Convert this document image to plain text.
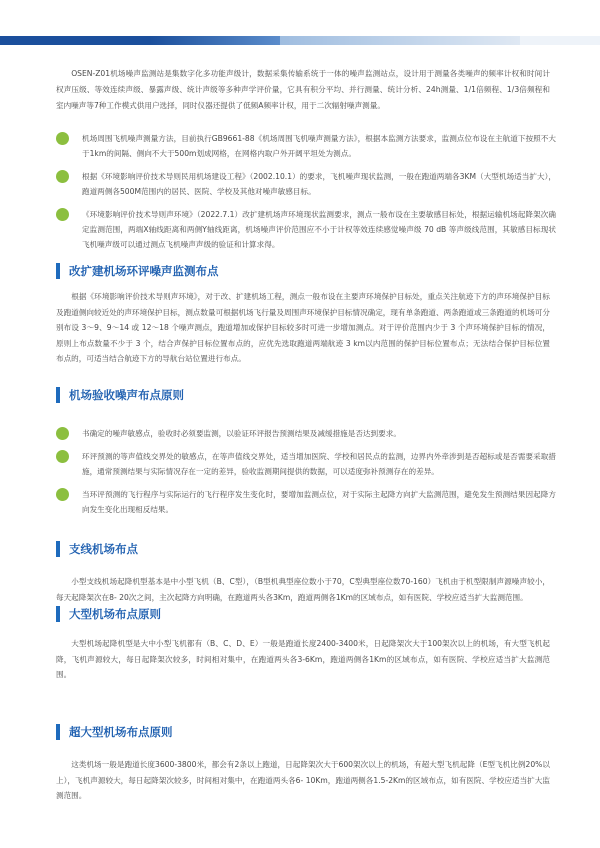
OSEN-Z01机场噪声监测站是集数字化多功能声级计，数据采集传输系统于一体的噪声监测站点，设计用于测量各类噪声的频率计权和时间计权声压级、等效连续声级、暴露声级、统计声级等多种声学评价量，它具有积分平均、并行测量、统计分析、24h测量、1/1倍频程、1/3倍频程和室内噪声等7种工作模式供用户选择，同时仪器还提供了低频A频率计权，用于二次辐射噪声测量。

机场周围飞机噪声测量方法，目前执行GB9661-88《机场周围飞机噪声测量方法》，根据本监测方法要求，监测点位布设在主航道下按照不大于1km的间隔、侧向不大于500m划成网格，在网格内取户外开阔平坦处为测点。

根据《环境影响评价技术导则民用机场建设工程》（2002.10.1）的要求，飞机噪声现状监测，一般在跑道两端各3KM（大型机场适当扩大），跑道两侧各500M范围内的居民、医院、学校及其他对噪声敏感目标。

《环境影响评价技术导则声环境》（2022.7.1）改扩建机场声环境现状监测要求，测点一般布设在主要敏感目标处，根据运输机场起降架次确定监测范围，两端X轴线距离和两侧Y轴线距离，机场噪声评价范围应不小于计权等效连续感觉噪声级 70 dB 等声级线范围，其敏感目标现状飞机噪声级可以通过测点飞机噪声声级的验证和计算求得。

改扩建机场环评噪声监测布点

根据《环境影响评价技术导则声环境》，对于改、扩建机场工程，测点一般布设在主要声环境保护目标处，重点关注航迹下方的声环境保护目标及跑道侧向较近处的声环境保护目标，测点数量可根据机场飞行量及周围声环境保护目标情况确定，现有单条跑道、两条跑道或三条跑道的机场可分别布设 3～9、9～14 或 12～18 个噪声测点，跑道增加或保护目标较多时可进一步增加测点。对于评价范围内少于 3 个声环境保护目标的情况，原则上布点数量不少于 3 个，结合声保护目标位置布点的，应优先选取跑道两端航迹 3 km以内范围的保护目标位置布点；无法结合保护目标位置布点的，可适当结合航迹下方的导航台站位置进行布点。

机场验收噪声布点原则

书确定的噪声敏感点，验收时必须要监测，以验证环评报告预测结果及减缓措施是否达到要求。

环评预测的等声值线交界处的敏感点，在等声值线交界处，适当增加医院、学校和居民点的监测，边界内外牵涉到是否超标或是否需要采取措施，通常预测结果与实际情况存在一定的差异，验收监测期间提供的数据，可以适度弥补预测存在的差异。

当环评预测的飞行程序与实际运行的飞行程序发生变化时，要增加监测点位，对于实际主起降方向扩大监测范围，避免发生预测结果因起降方向发生变化出现相反结果。

支线机场布点

小型支线机场起降机型基本是中小型飞机（B、C型），（B型机典型座位数小于70，C型典型座位数70-160）飞机由于机型限制声源噪声较小，每天起降架次在8- 20次之间，主次起降方向明确，在跑道两头各3Km，跑道两侧各1Km的区域布点，如有医院、学校应适当扩大监测范围。

大型机场布点原则

大型机场起降机型是大中小型飞机都有（B、C、D、E）一般是跑道长度2400-3400米，日起降架次大于100架次以上的机场，有大型飞机起降，飞机声源较大，每日起降架次较多，时间相对集中，在跑道两头各3-6Km，跑道两侧各1Km的区域布点，如有医院、学校应适当扩大监测范围。

超大型机场布点原则

这类机场一般是跑道长度3600-3800米，都会有2条以上跑道，日起降架次大于600架次以上的机场，有超大型飞机起降（E型飞机比例20%以上），飞机声源较大，每日起降架次较多，时间相对集中，在跑道两头各6- 10Km，跑道两侧各1.5-2Km的区域布点，如有医院、学校应适当扩大监测范围。
